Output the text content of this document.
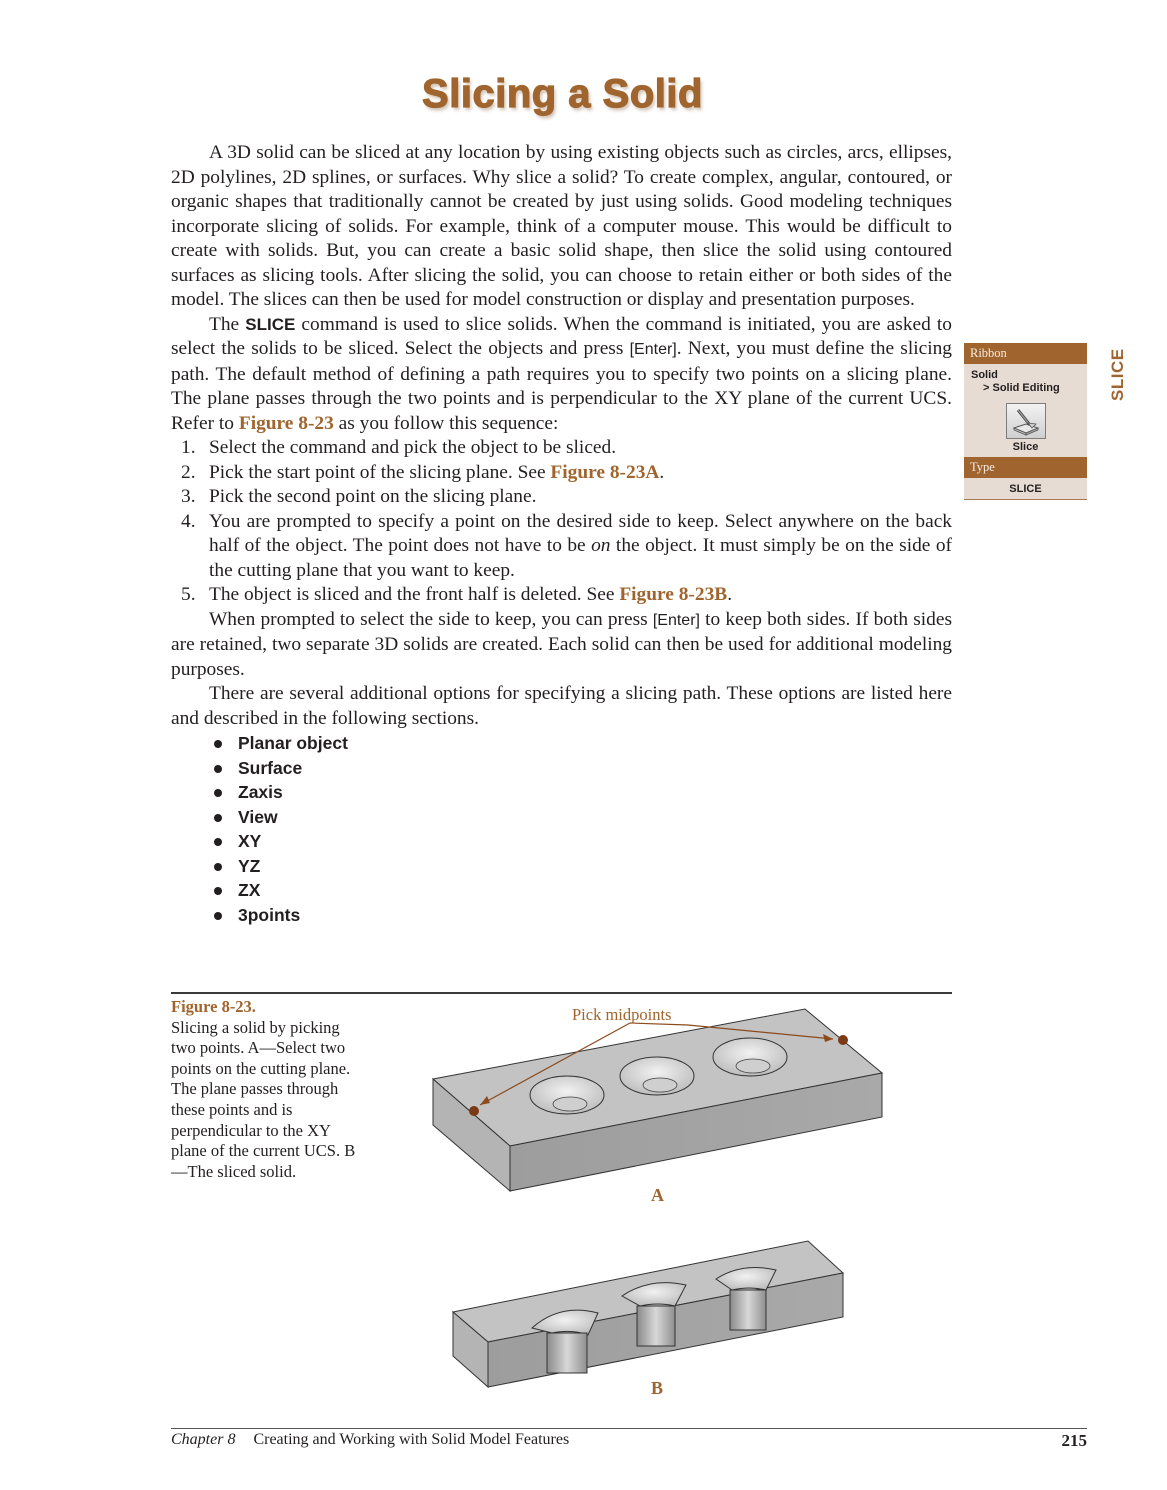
Slicing a Solid

A 3D solid can be sliced at any location by using existing objects such as circles, arcs, ellipses, 2D polylines, 2D splines, or surfaces. Why slice a solid? To create complex, angular, contoured, or organic shapes that traditionally cannot be created by just using solids. Good modeling techniques incorporate slicing of solids. For example, think of a computer mouse. This would be difficult to create with solids. But, you can create a basic solid shape, then slice the solid using contoured surfaces as slicing tools. After slicing the solid, you can choose to retain either or both sides of the model. The slices can then be used for model construction or display and presentation purposes.

The SLICE command is used to slice solids. When the command is initiated, you are asked to select the solids to be sliced. Select the objects and press [Enter]. Next, you must define the slicing path. The default method of defining a path requires you to specify two points on a slicing plane. The plane passes through the two points and is perpendicular to the XY plane of the current UCS. Refer to Figure 8-23 as you follow this sequence:

1. Select the command and pick the object to be sliced.
2. Pick the start point of the slicing plane. See Figure 8-23A.
3. Pick the second point on the slicing plane.
4. You are prompted to specify a point on the desired side to keep. Select anywhere on the back half of the object. The point does not have to be on the object. It must simply be on the side of the cutting plane that you want to keep.
5. The object is sliced and the front half is deleted. See Figure 8-23B.

When prompted to select the side to keep, you can press [Enter] to keep both sides. If both sides are retained, two separate 3D solids are created. Each solid can then be used for additional modeling purposes.

There are several additional options for specifying a slicing path. These options are listed here and described in the following sections.

Planar object
Surface
Zaxis
View
XY
YZ
ZX
3points
Ribbon
Solid
> Solid Editing
Slice
Type
SLICE
SLICE
Figure 8-23.
Slicing a solid by picking two points. A—Select two points on the cutting plane. The plane passes through these points and is perpendicular to the XY plane of the current UCS. B—The sliced solid.
Pick midpoints
A
B
Chapter 8 Creating and Working with Solid Model Features	215
